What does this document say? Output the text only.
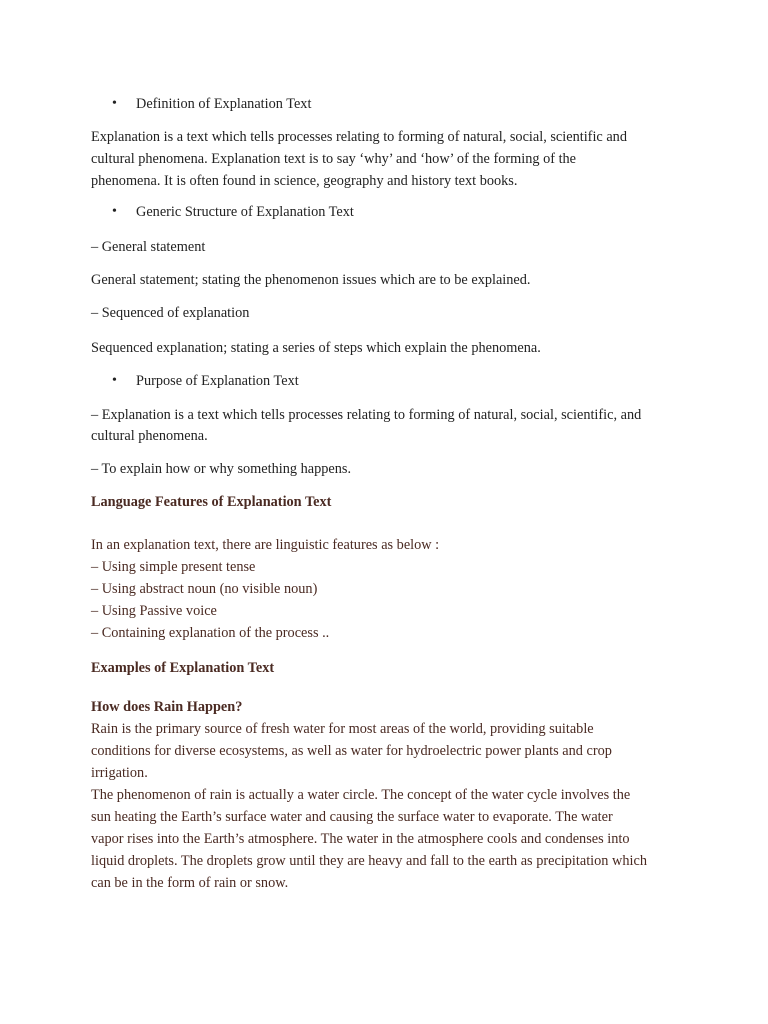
• Definition of Explanation Text
Explanation is a text which tells processes relating to forming of natural, social, scientific and
cultural phenomena. Explanation text is to say ‘why’ and ‘how’ of the forming of the
phenomena. It is often found in science, geography and history text books.
• Generic Structure of Explanation Text
– General statement
General statement; stating the phenomenon issues which are to be explained.
– Sequenced of explanation
Sequenced explanation; stating a series of steps which explain the phenomena.
• Purpose of Explanation Text
– Explanation is a text which tells processes relating to forming of natural, social, scientific, and
cultural phenomena.
– To explain how or why something happens.
Language Features of Explanation Text
In an explanation text, there are linguistic features as below :
– Using simple present tense
– Using abstract noun (no visible noun)
– Using Passive voice
– Containing explanation of the process ..
Examples of Explanation Text
How does Rain Happen?
Rain is the primary source of fresh water for most areas of the world, providing suitable
conditions for diverse ecosystems, as well as water for hydroelectric power plants and crop
irrigation.
The phenomenon of rain is actually a water circle. The concept of the water cycle involves the
sun heating the Earth’s surface water and causing the surface water to evaporate. The water
vapor rises into the Earth’s atmosphere. The water in the atmosphere cools and condenses into
liquid droplets. The droplets grow until they are heavy and fall to the earth as precipitation which
can be in the form of rain or snow.
